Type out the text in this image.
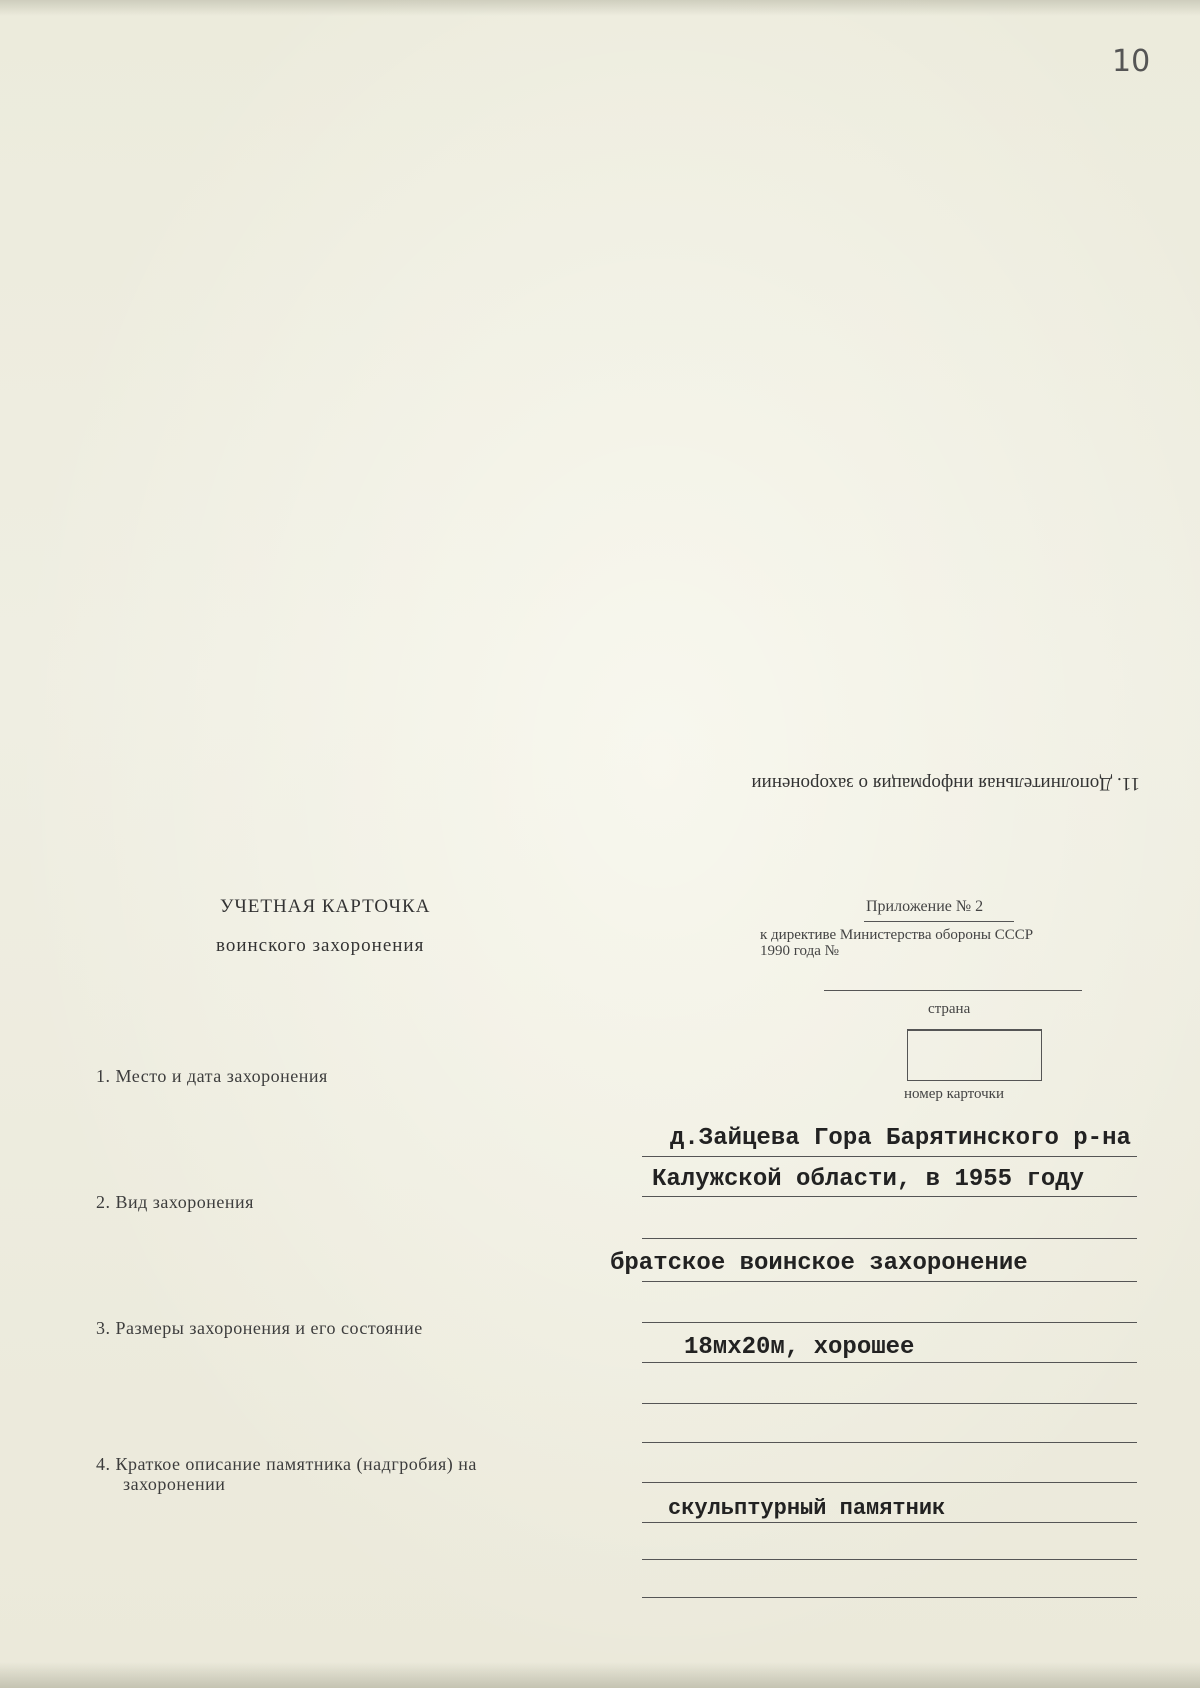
10
11. Дополнительная информация о захоронении
УЧЕТНАЯ КАРТОЧКА
воинского захоронения
Приложение № 2
к директиве Министерства обороны СССР
1990 года №
страна
номер карточки
1. Место и дата захоронения
2. Вид захоронения
3. Размеры захоронения и его состояние
4. Краткое описание памятника (надгробия) на
захоронении
д.Зайцева Гора Барятинского р-на
Калужской области, в 1955 году
братское воинское захоронение
18мх20м, хорошее
скульптурный памятник
